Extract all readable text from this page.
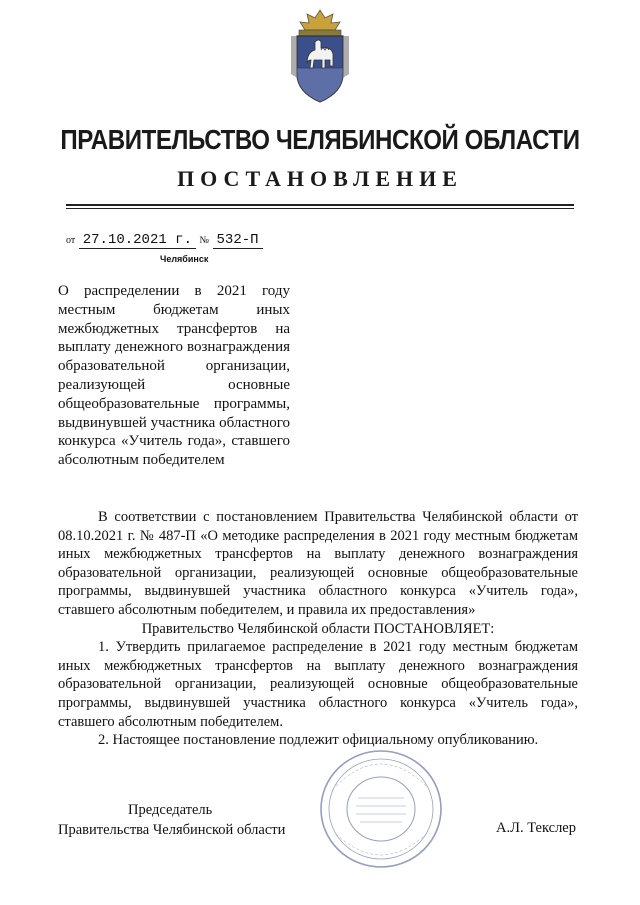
ПРАВИТЕЛЬСТВО ЧЕЛЯБИНСКОЙ ОБЛАСТИ
ПОСТАНОВЛЕНИЕ
от 27.10.2021 г. № 532-П
Челябинск
О распределении в 2021 году местным бюджетам иных межбюджетных трансфертов на выплату денежного вознаграждения образовательной организации, реализующей основные общеобразовательные программы, выдвинувшей участника областного конкурса «Учитель года», ставшего абсолютным победителем

В соответствии с постановлением Правительства Челябинской области от 08.10.2021 г. № 487-П «О методике распределения в 2021 году местным бюджетам иных межбюджетных трансфертов на выплату денежного вознаграждения образовательной организации, реализующей основные общеобразовательные программы, выдвинувшей участника областного конкурса «Учитель года», ставшего абсолютным победителем, и правила их предоставления»

Правительство Челябинской области ПОСТАНОВЛЯЕТ:

1. Утвердить прилагаемое распределение в 2021 году местным бюджетам иных межбюджетных трансфертов на выплату денежного вознаграждения образовательной организации, реализующей основные общеобразовательные программы, выдвинувшей участника областного конкурса «Учитель года», ставшего абсолютным победителем.

2. Настоящее постановление подлежит официальному опубликованию.

Председатель
Правительства Челябинской области	А.Л. Текслер
